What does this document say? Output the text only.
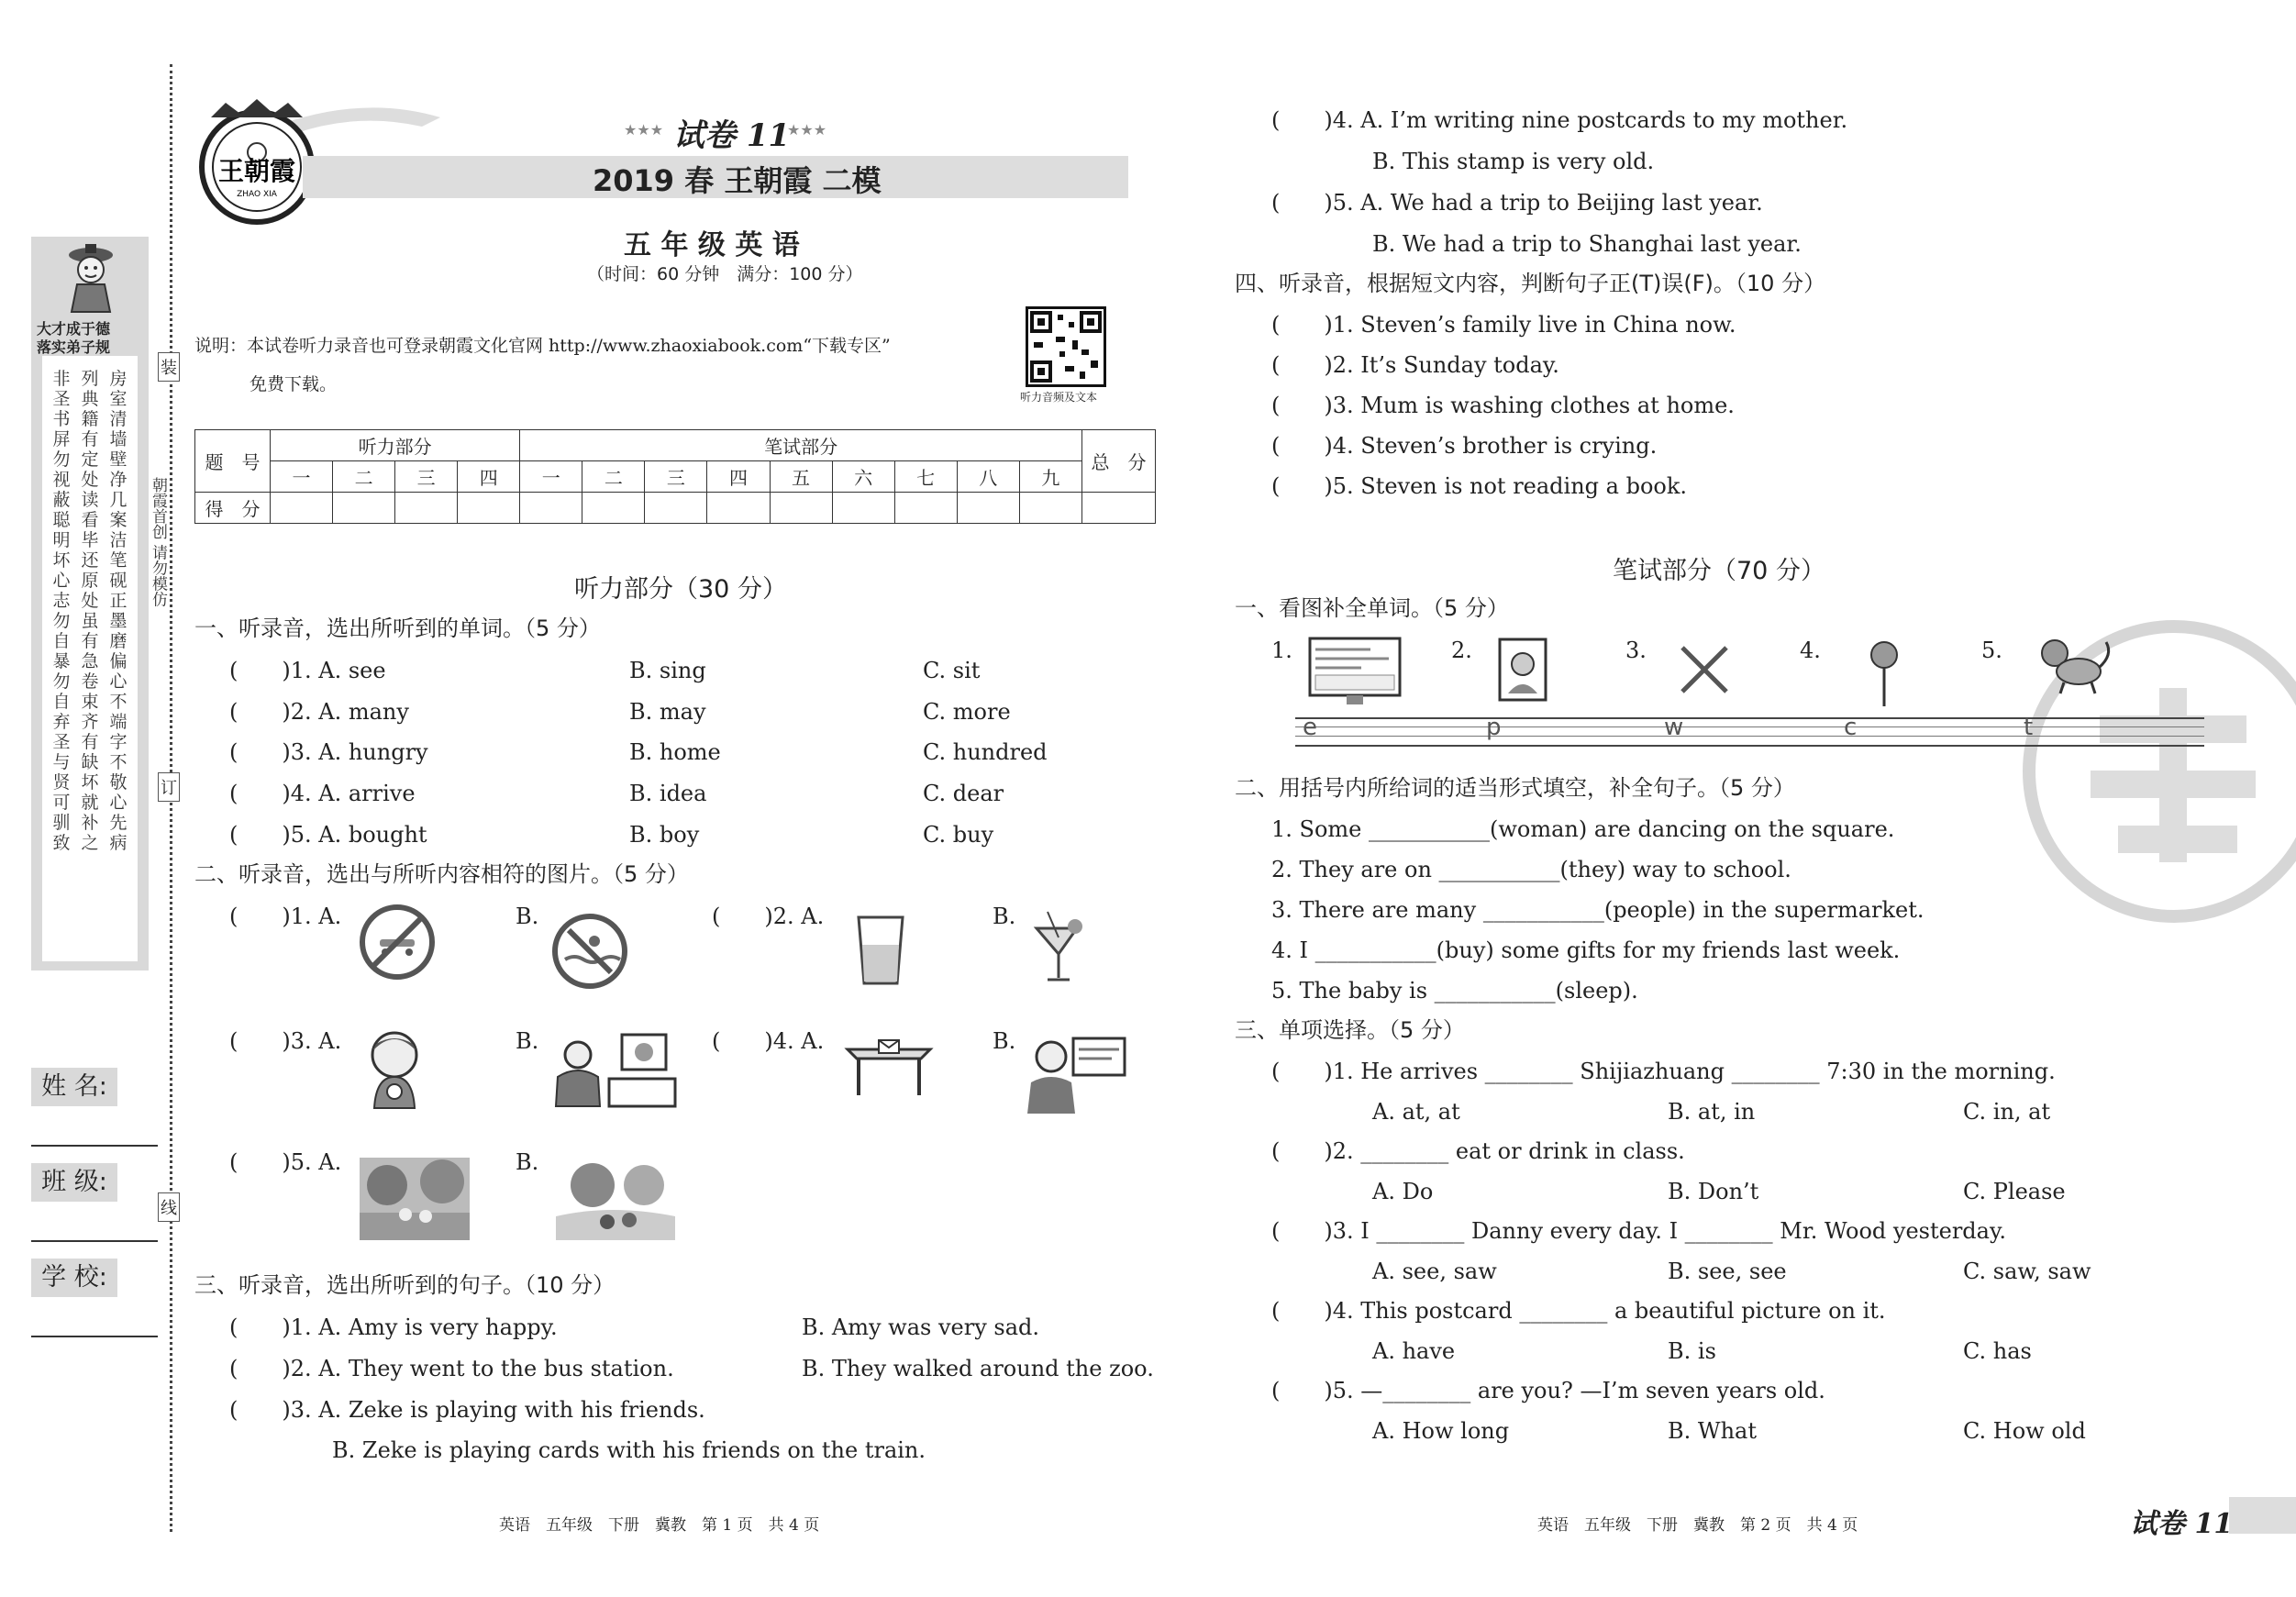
装
订
线
朝霞首创 请勿模仿
大才成于德
落实弟子规
非圣书屏勿视蔽聪明坏心志勿自暴勿自弃圣与贤可驯致
列典籍有定处读看毕还原处虽有急卷束齐有缺坏就补之
房室清墙壁净几案洁笔砚正墨磨偏心不端字不敬心先病
姓 名:
班 级:
学 校:
王朝霞
ZHAO XIA
★★★ 试卷 11
★★★
2019 春 王朝霞 二模
五 年 级 英 语
（时间：60 分钟　满分：100 分）
说明：本试卷听力录音也可登录朝霞文化官网 http://www.zhaoxiabook.com“下载专区”
免费下载。
听力音频及文本
题　号	听力部分				笔试部分									总　分
	一	二	三	四	一	二	三	四	五	六	七	八	九	
得　分														
听力部分（30 分）
一、听录音，选出所听到的单词。（5 分）
(　　)1. A. see	B. sing	C. sit
(　　)2. A. many	B. may	C. more
(　　)3. A. hungry	B. home	C. hundred
(　　)4. A. arrive	B. idea	C. dear
(　　)5. A. bought	B. boy	C. buy
二、听录音，选出与所听内容相符的图片。（5 分）
(　　)1. A.	B.	(　　)2. A.	B.
(　　)3. A.	B.	(　　)4. A.	B.
(　　)5. A.	B.
三、听录音，选出所听到的句子。（10 分）
(　　)1. A. Amy is very happy.	B. Amy was very sad.
(　　)2. A. They went to the bus station.	B. They walked around the zoo.
(　　)3. A. Zeke is playing with his friends.
B. Zeke is playing cards with his friends on the train.
英语　五年级　下册　冀教　第 1 页　共 4 页
(　　)4. A. I’m writing nine postcards to my mother.
B. This stamp is very old.
(　　)5. A. We had a trip to Beijing last year.
B. We had a trip to Shanghai last year.
四、听录音，根据短文内容，判断句子正(T)误(F)。（10 分）
(　　)1. Steven’s family live in China now.
(　　)2. It’s Sunday today.
(　　)3. Mum is washing clothes at home.
(　　)4. Steven’s brother is crying.
(　　)5. Steven is not reading a book.
笔试部分（70 分）
一、看图补全单词。（5 分）
1.	2.	3.	4.	5.
e	p	w	c	t
二、用括号内所给词的适当形式填空，补全句子。（5 分）
1. Some ___________(woman) are dancing on the square.
2. They are on ___________(they) way to school.
3. There are many ___________(people) in the supermarket.
4. I ___________(buy) some gifts for my friends last week.
5. The baby is ___________(sleep).
三、单项选择。（5 分）
(　　)1. He arrives ________ Shijiazhuang ________ 7:30 in the morning.
A. at, at	B. at, in	C. in, at
(　　)2. ________ eat or drink in class.
A. Do	B. Don’t	C. Please
(　　)3. I ________ Danny every day. I ________ Mr. Wood yesterday.
A. see, saw	B. see, see	C. saw, saw
(　　)4. This postcard ________ a beautiful picture on it.
A. have	B. is	C. has
(　　)5. —________ are you? —I’m seven years old.
A. How long	B. What	C. How old
英语　五年级　下册　冀教　第 2 页　共 4 页	试卷 11
